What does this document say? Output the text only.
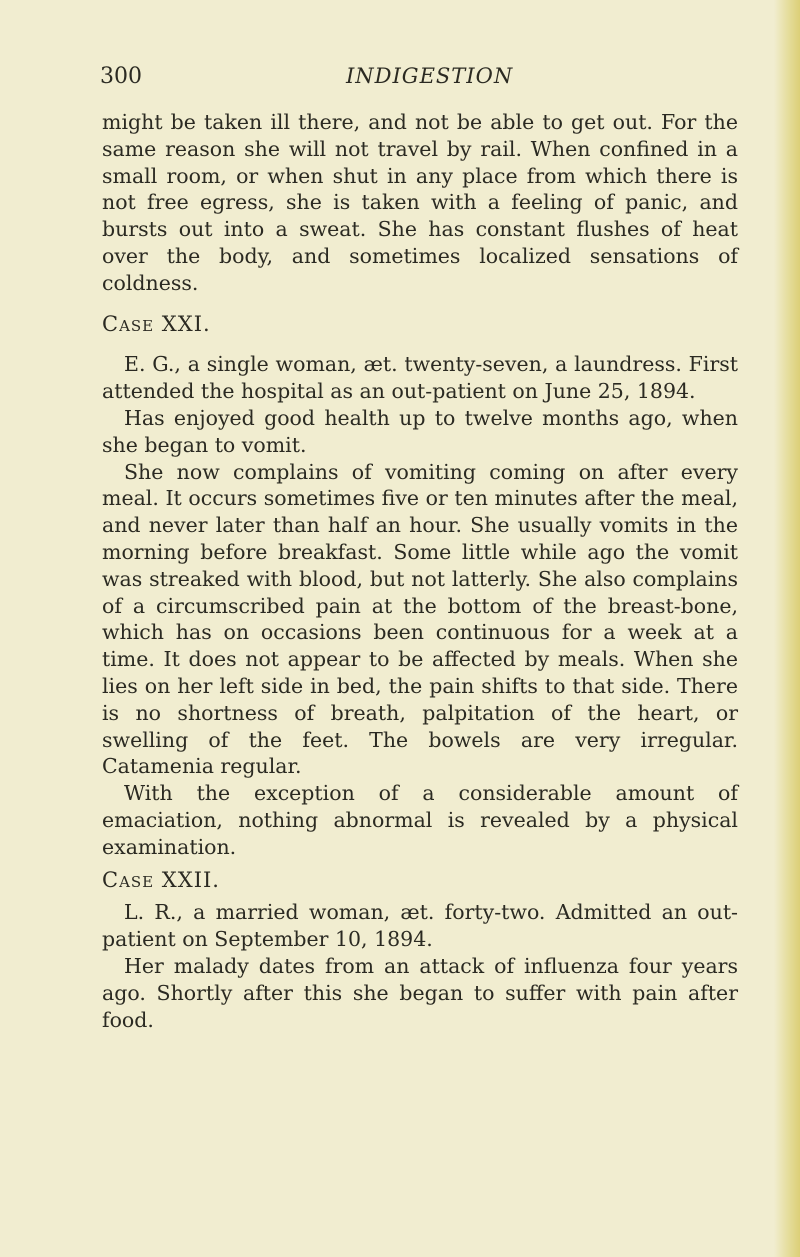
300	INDIGESTION

might be taken ill there, and not be able to get out. For the same reason she will not travel by rail. When confined in a small room, or when shut in any place from which there is not free egress, she is taken with a feeling of panic, and bursts out into a sweat. She has constant flushes of heat over the body, and sometimes localized sensations of coldness.

Case XXI.

E. G., a single woman, æt. twenty-seven, a laundress. First attended the hospital as an out-patient on June 25, 1894.

Has enjoyed good health up to twelve months ago, when she began to vomit.

She now complains of vomiting coming on after every meal. It occurs sometimes five or ten minutes after the meal, and never later than half an hour. She usually vomits in the morning before breakfast. Some little while ago the vomit was streaked with blood, but not latterly. She also complains of a circumscribed pain at the bottom of the breast-bone, which has on occasions been continuous for a week at a time. It does not appear to be affected by meals. When she lies on her left side in bed, the pain shifts to that side. There is no shortness of breath, palpitation of the heart, or swelling of the feet. The bowels are very irregular. Catamenia regular.

With the exception of a considerable amount of emaciation, nothing abnormal is revealed by a physical examination.

Case XXII.

L. R., a married woman, æt. forty-two. Admitted an out-patient on September 10, 1894.

Her malady dates from an attack of influenza four years ago. Shortly after this she began to suffer with pain after food.
